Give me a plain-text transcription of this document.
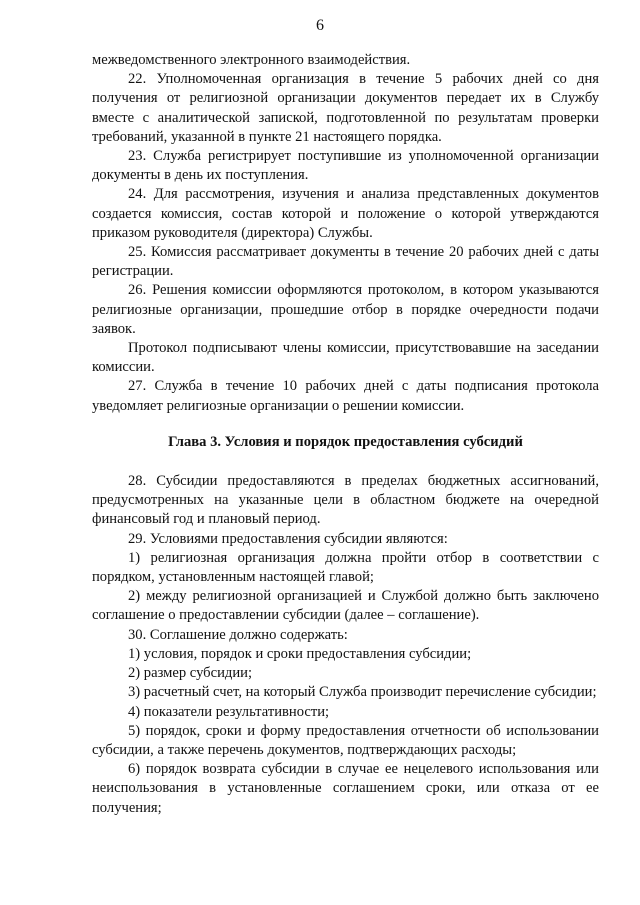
6

межведомственного электронного взаимодействия.

22. Уполномоченная организация в течение 5 рабочих дней со дня получения от религиозной организации документов передает их в Службу вместе с аналитической запиской, подготовленной по результатам проверки требований, указанной в пункте 21 настоящего порядка.

23. Служба регистрирует поступившие из уполномоченной организации документы в день их поступления.

24. Для рассмотрения, изучения и анализа представленных документов создается комиссия, состав которой и положение о которой утверждаются приказом руководителя (директора) Службы.

25. Комиссия рассматривает документы в течение 20 рабочих дней с даты регистрации.

26. Решения комиссии оформляются протоколом, в котором указываются религиозные организации, прошедшие отбор в порядке очередности подачи заявок.

Протокол подписывают члены комиссии, присутствовавшие на заседании комиссии.

27. Служба в течение 10 рабочих дней с даты подписания протокола уведомляет религиозные организации о решении комиссии.

Глава 3. Условия и порядок предоставления субсидий

28. Субсидии предоставляются в пределах бюджетных ассигнований, предусмотренных на указанные цели в областном бюджете на очередной финансовый год и плановый период.

29. Условиями предоставления субсидии являются:

1) религиозная организация должна пройти отбор в соответствии с порядком, установленным настоящей главой;

2) между религиозной организацией и Службой должно быть заключено соглашение о предоставлении субсидии (далее – соглашение).

30. Соглашение должно содержать:

1) условия, порядок и сроки предоставления субсидии;

2) размер субсидии;

3) расчетный счет, на который Служба производит перечисление субсидии;

4) показатели результативности;

5) порядок, сроки и форму предоставления отчетности об использовании субсидии, а также перечень документов, подтверждающих расходы;

6) порядок возврата субсидии в случае ее нецелевого использования или неиспользования в установленные соглашением сроки, или отказа от ее получения;
